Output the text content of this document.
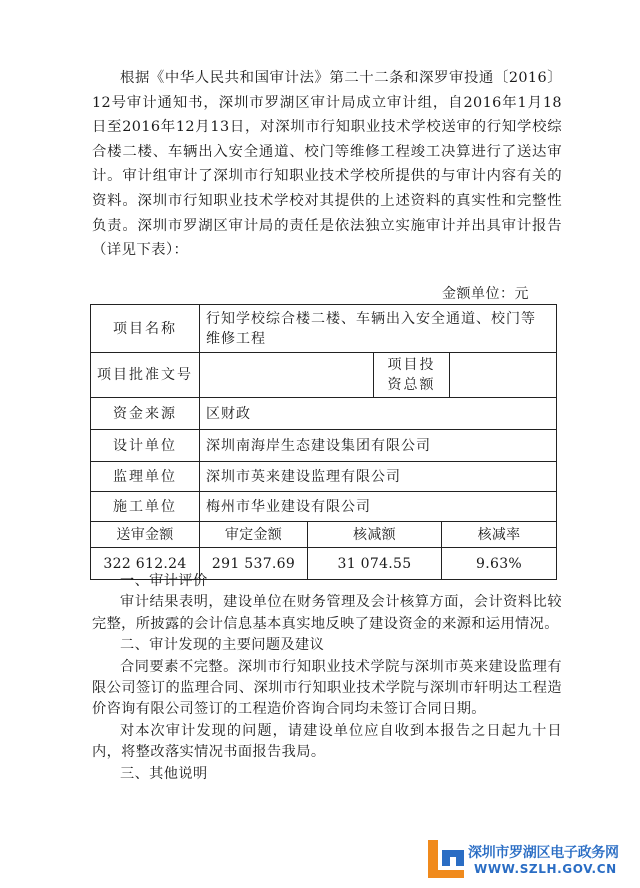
根据《中华人民共和国审计法》第二十二条和深罗审投通〔2016〕12号审计通知书，深圳市罗湖区审计局成立审计组，自2016年1月18日至2016年12月13日，对深圳市行知职业技术学校送审的行知学校综合楼二楼、车辆出入安全通道、校门等维修工程竣工决算进行了送达审计。审计组审计了深圳市行知职业技术学校所提供的与审计内容有关的资料。深圳市行知职业技术学校对其提供的上述资料的真实性和完整性负责。深圳市罗湖区审计局的责任是依法独立实施审计并出具审计报告（详见下表）：

金额单位：元
项目名称	行知学校综合楼二楼、车辆出入安全通道、校门等维修工程				
项目批准文号			项目投资总额		
资金来源	区财政				
设计单位	深圳南海岸生态建设集团有限公司				
监理单位	深圳市英来建设监理有限公司				
施工单位	梅州市华业建设有限公司				
送审金额	审定金额	核减额		核减率	
322 612.24	291 537.69	31 074.55		9.63%	

一、审计评价

审计结果表明，建设单位在财务管理及会计核算方面，会计资料比较完整，所披露的会计信息基本真实地反映了建设资金的来源和运用情况。

二、审计发现的主要问题及建议

合同要素不完整。深圳市行知职业技术学院与深圳市英来建设监理有限公司签订的监理合同、深圳市行知职业技术学院与深圳市轩明达工程造价咨询有限公司签订的工程造价咨询合同均未签订合同日期。

对本次审计发现的问题，请建设单位应自收到本报告之日起九十日内，将整改落实情况书面报告我局。

三、其他说明

深圳市罗湖区电子政务网
WWW.SZLH.GOV.CN
